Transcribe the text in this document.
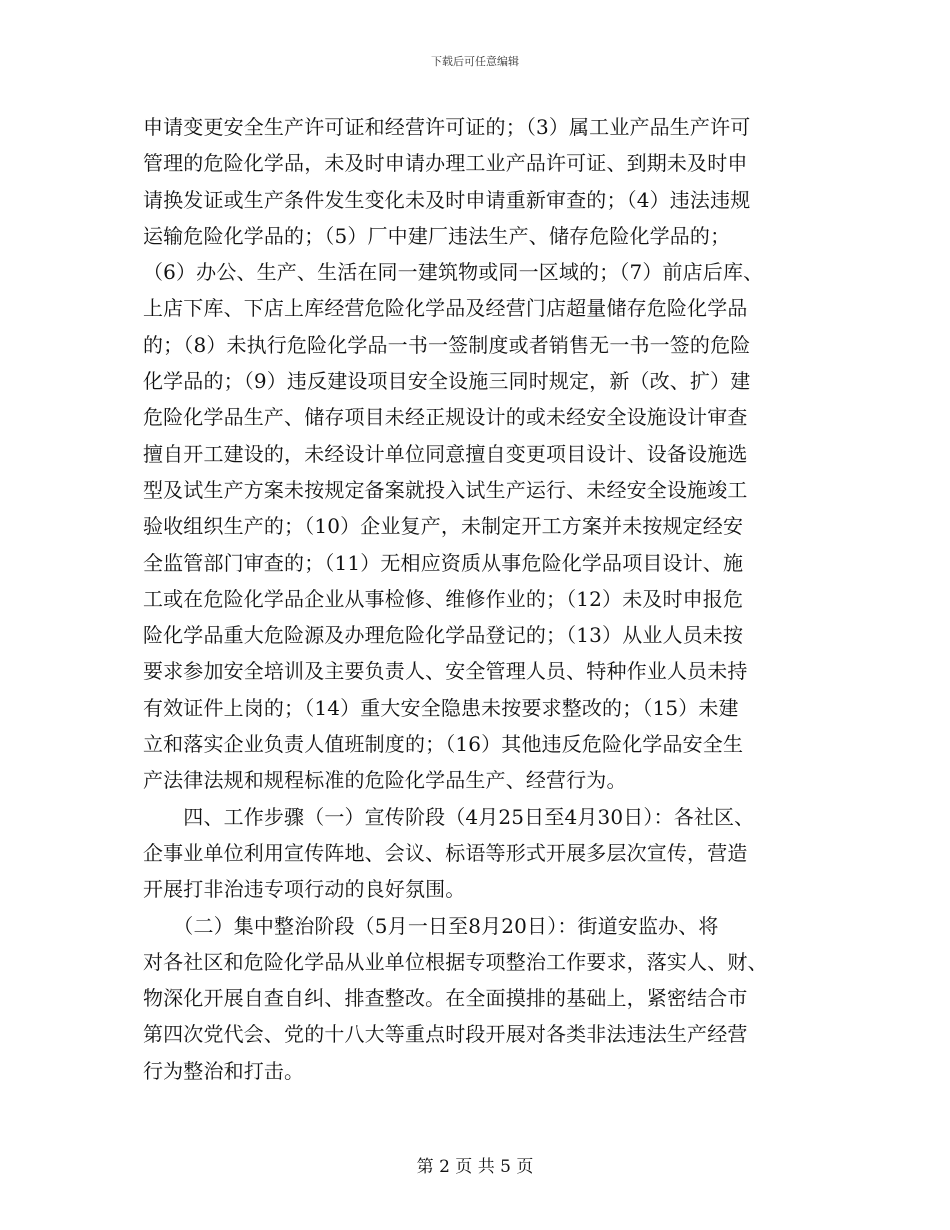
下载后可任意编辑
申请变更安全生产许可证和经营许可证的；（3）属工业产品生产许可
管理的危险化学品，未及时申请办理工业产品许可证、到期未及时申
请换发证或生产条件发生变化未及时申请重新审查的；（4）违法违规
运输危险化学品的；（5）厂中建厂违法生产、储存危险化学品的；
（6）办公、生产、生活在同一建筑物或同一区域的；（7）前店后库、
上店下库、下店上库经营危险化学品及经营门店超量储存危险化学品
的；（8）未执行危险化学品一书一签制度或者销售无一书一签的危险
化学品的；（9）违反建设项目安全设施三同时规定，新（改、扩）建
危险化学品生产、储存项目未经正规设计的或未经安全设施设计审查
擅自开工建设的，未经设计单位同意擅自变更项目设计、设备设施选
型及试生产方案未按规定备案就投入试生产运行、未经安全设施竣工
验收组织生产的；（10）企业复产，未制定开工方案并未按规定经安
全监管部门审查的；（11）无相应资质从事危险化学品项目设计、施
工或在危险化学品企业从事检修、维修作业的；（12）未及时申报危
险化学品重大危险源及办理危险化学品登记的；（13）从业人员未按
要求参加安全培训及主要负责人、安全管理人员、特种作业人员未持
有效证件上岗的；（14）重大安全隐患未按要求整改的；（15）未建
立和落实企业负责人值班制度的；（16）其他违反危险化学品安全生
产法律法规和规程标准的危险化学品生产、经营行为。
　　四、工作步骤（一）宣传阶段（4月25日至4月30日）：各社区、
企事业单位利用宣传阵地、会议、标语等形式开展多层次宣传，营造
开展打非治违专项行动的良好氛围。
　　（二）集中整治阶段（5月一日至8月20日）：街道安监办、将
对各社区和危险化学品从业单位根据专项整治工作要求，落实人、财、
物深化开展自查自纠、排查整改。在全面摸排的基础上，紧密结合市
第四次党代会、党的十八大等重点时段开展对各类非法违法生产经营
行为整治和打击。
第 2 页 共 5 页
